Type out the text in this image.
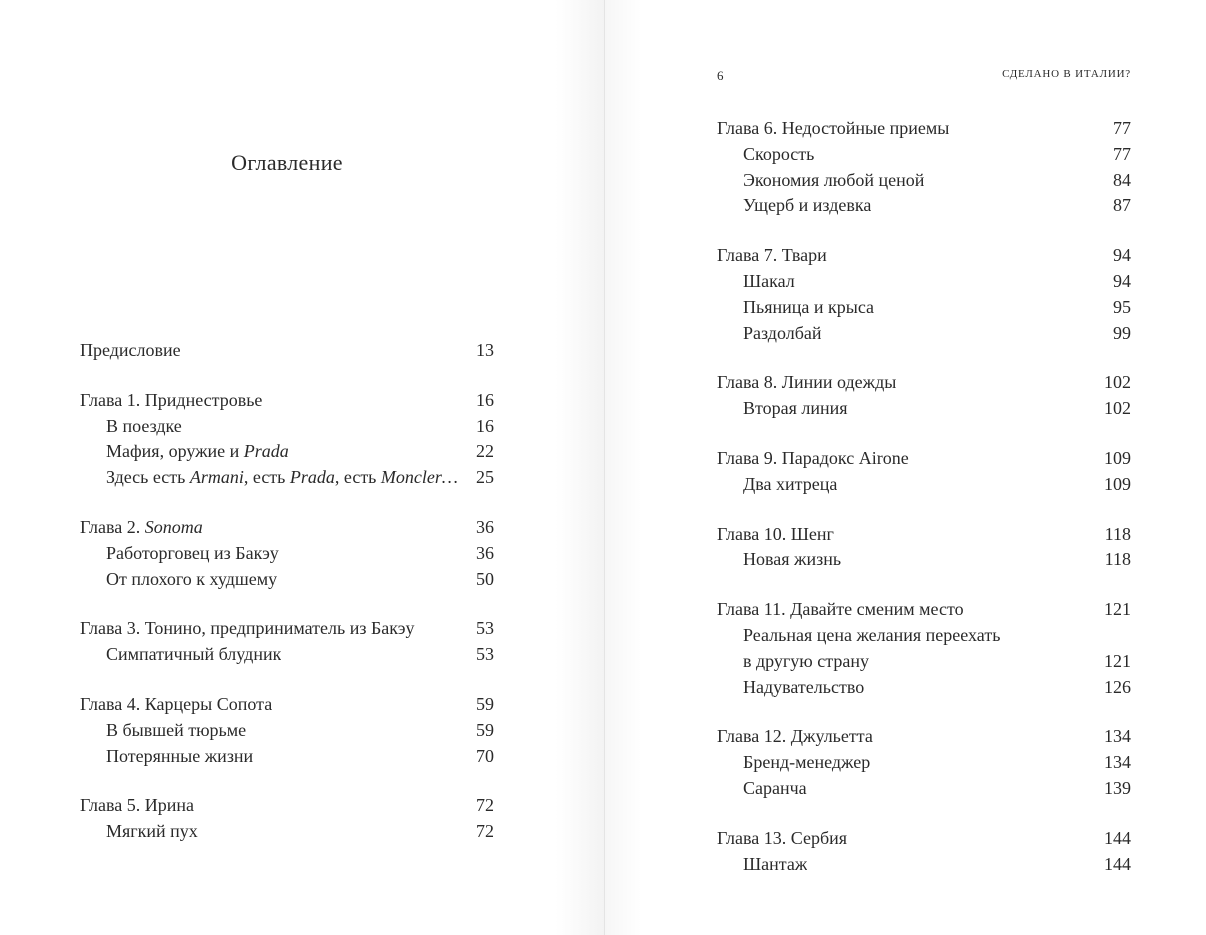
Оглавление
Предисловие	13
Глава 1. Приднестровье	16
В поездке	16
Мафия, оружие и Prada	22
Здесь есть Armani, есть Prada, есть Moncler… 25
Глава 2. Sonoma	36
Работорговец из Бакэу	36
От плохого к худшему	50
Глава 3. Тонино, предприниматель из Бакэу	53
Симпатичный блудник	53
Глава 4. Карцеры Сопота	59
В бывшей тюрьме	59
Потерянные жизни	70
Глава 5. Ирина	72
Мягкий пух	72
6	СДЕЛАНО В ИТАЛИИ?
Глава 6. Недостойные приемы	77
Скорость	77
Экономия любой ценой	84
Ущерб и издевка	87
Глава 7. Твари	94
Шакал	94
Пьяница и крыса	95
Раздолбай	99
Глава 8. Линии одежды	102
Вторая линия	102
Глава 9. Парадокс Airone	109
Два хитреца	109
Глава 10. Шенг	118
Новая жизнь	118
Глава 11. Давайте сменим место	121
Реальная цена желания переехать
в другую страну	121
Надувательство	126
Глава 12. Джульетта	134
Бренд-менеджер	134
Саранча	139
Глава 13. Сербия	144
Шантаж	144
